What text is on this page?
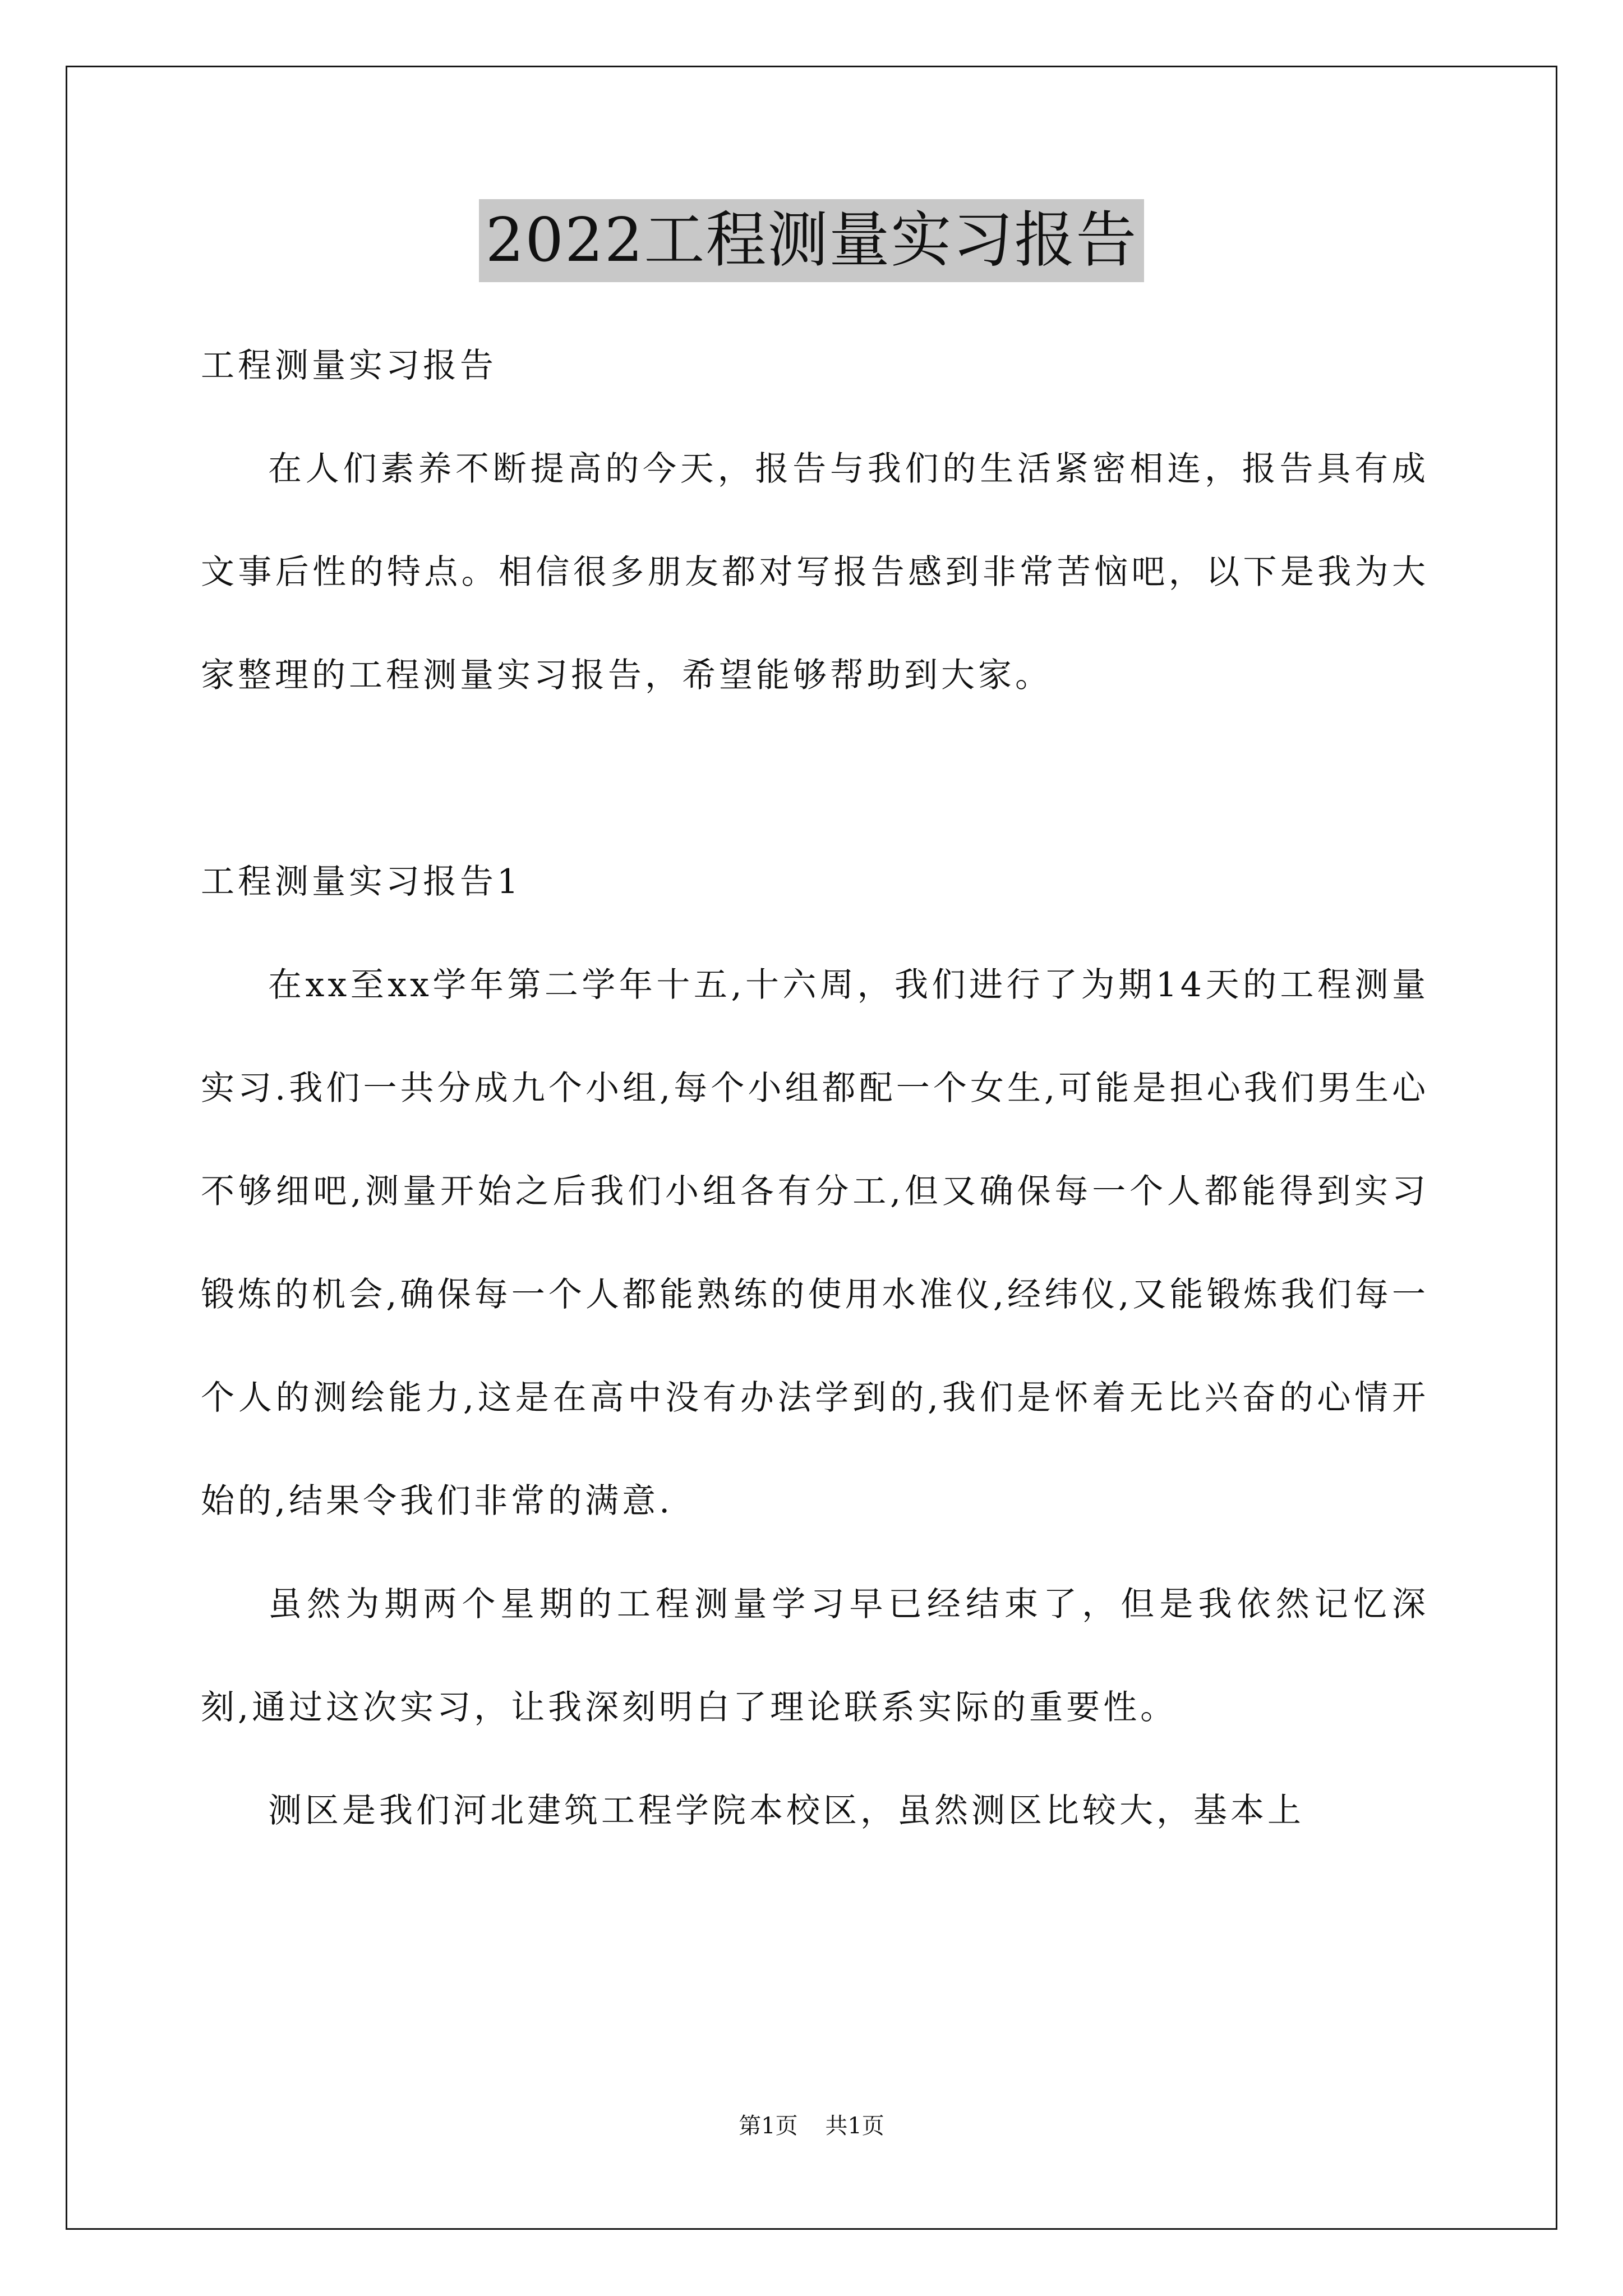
2022工程测量实习报告

工程测量实习报告

在人们素养不断提高的今天，报告与我们的生活紧密相连，报告具有成文事后性的特点。相信很多朋友都对写报告感到非常苦恼吧，以下是我为大家整理的工程测量实习报告，希望能够帮助到大家。

工程测量实习报告1

在xx至xx学年第二学年十五,十六周，我们进行了为期14天的工程测量实习.我们一共分成九个小组,每个小组都配一个女生,可能是担心我们男生心不够细吧,测量开始之后我们小组各有分工,但又确保每一个人都能得到实习锻炼的机会,确保每一个人都能熟练的使用水准仪,经纬仪,又能锻炼我们每一个人的测绘能力,这是在高中没有办法学到的,我们是怀着无比兴奋的心情开始的,结果令我们非常的满意.

虽然为期两个星期的工程测量学习早已经结束了，但是我依然记忆深刻,通过这次实习，让我深刻明白了理论联系实际的重要性。

测区是我们河北建筑工程学院本校区，虽然测区比较大，基本上

第1页 共1页
